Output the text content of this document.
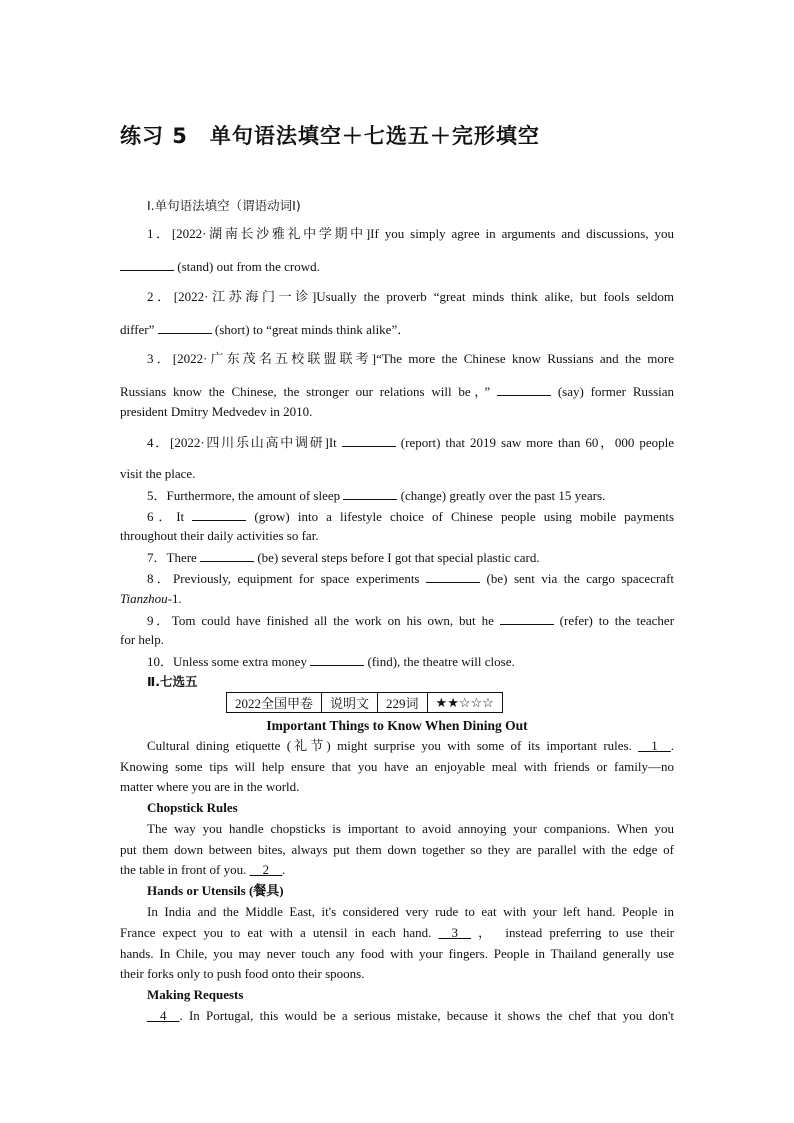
练习 5　单句语法填空＋七选五＋完形填空
Ⅰ.单句语法填空（谓语动词Ⅰ)
1．[2022·湖南长沙雅礼中学期中]If you simply agree in arguments and discussions, you
(stand) out from the crowd.
2．[2022·江苏海门一诊]Usually the proverb “great minds think alike, but fools seldom
differ”	(short) to “great minds think alike”．
3．[2022·广东茂名五校联盟联考]“The more the Chinese know Russians and the more
Russians know the Chinese, the stronger our relations will be，”	(say) former Russian
president Dmitry Medvedev in 2010.
4．[2022·四川乐山高中调研]It	(report) that 2019 saw more than 60，000 people
visit the place.
5．Furthermore, the amount of sleep	(change) greatly over the past 15 years.
6．It	(grow) into a lifestyle choice of Chinese people using mobile payments
throughout their daily activities so far.
7．There	(be) several steps before I got that special plastic card.
8．Previously, equipment for space experiments	(be) sent via the cargo spacecraft
Tianzhou-1.
9．Tom could have finished all the work on his own, but he	(refer) to the teacher
for help.
10．Unless some extra money	(find), the theatre will close.
Ⅱ.七选五
2022全国甲卷	说明文	229词	★★☆☆☆
Important Things to Know When Dining Out
Cultural dining etiquette (礼节) might surprise you with some of its important rules. __1__.
Knowing some tips will help ensure that you have an enjoyable meal with friends or family—no
matter where you are in the world.
Chopstick Rules
The way you handle chopsticks is important to avoid annoying your companions. When you
put them down between bites, always put them down together so they are parallel with the edge of
the table in front of you. __2__.
Hands or Utensils (餐具)
In India and the Middle East, it's considered very rude to eat with your left hand. People in
France expect you to eat with a utensil in each hand. __3__ ，　instead preferring to use their
hands. In Chile, you may never touch any food with your fingers. People in Thailand generally use
their forks only to push food onto their spoons.
Making Requests
__4__. In Portugal, this would be a serious mistake, because it shows the chef that you don't
